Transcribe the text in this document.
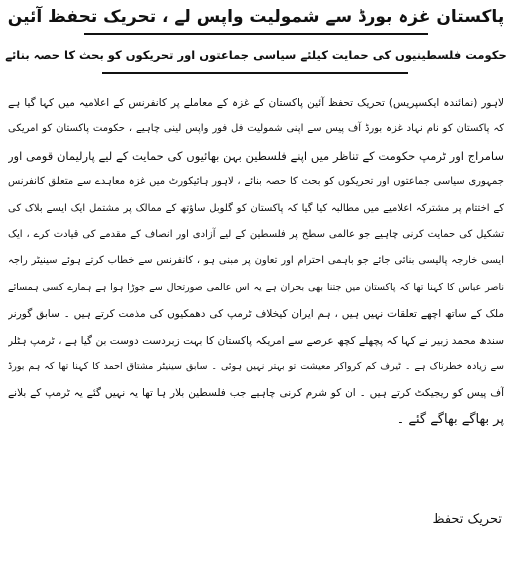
پاکستان غزہ بورڈ سے شمولیت واپس لے ، تحریک تحفظ آئین
حکومت فلسطینیوں کی حمایت کیلئے سیاسی جماعتوں اور تحریکوں کو بحث کا حصہ بنائے
لاہور (نمائندہ ایکسپریس) تحریک تحفظ آئین پاکستان کے غزہ کے معاملے پر کانفرنس کے اعلامیہ میں کہا گیا ہے
کہ پاکستان کو نام نہاد غزہ بورڈ آف پیس سے اپنی شمولیت فل فور واپس لینی چاہیے ، حکومت پاکستان کو امریکی
سامراج اور ٹرمپ حکومت کے تناظر میں اپنے فلسطین بہن بھائیوں کی حمایت کے لیے پارلیمان قومی اور
جمہوری سیاسی جماعتوں اور تحریکوں کو بحث کا حصہ بنائے ، لاہور ہائیکورٹ میں غزہ معاہدے سے متعلق کانفرنس
کے اختتام پر مشترکہ اعلامیے میں مطالبہ کیا گیا کہ پاکستان کو گلوبل ساؤتھ کے ممالک پر مشتمل ایک ایسے بلاک کی
تشکیل کی حمایت کرنی چاہیے جو عالمی سطح پر فلسطین کے لیے آزادی اور انصاف کے مقدمے کی قیادت کرے ، ایک
ایسی خارجہ پالیسی بنائی جائے جو باہمی احترام اور تعاون پر مبنی ہو ، کانفرنس سے خطاب کرتے ہوئے سینیٹر راجہ
ناصر عباس کا کہنا تھا کہ پاکستان میں جتنا بھی بحران ہے یہ اس عالمی صورتحال سے جوڑا ہوا ہے ہمارے کسی ہمسائے
ملک کے ساتھ اچھے تعلقات نہیں ہیں ، ہم ایران کیخلاف ٹرمپ کی دھمکیوں کی مذمت کرتے ہیں ۔ سابق گورنر
سندھ محمد زبیر نے کہا کہ پچھلے کچھ عرصے سے امریکہ پاکستان کا بہت زبردست دوست بن گیا ہے ، ٹرمپ ہٹلر
سے زیادہ خطرناک ہے ۔ ٹیرف کم کرواکر معیشت تو بہتر نہیں ہوئی ۔ سابق سینیٹر مشتاق احمد کا کہنا تھا کہ ہم بورڈ
آف پیس کو ریجیکٹ کرتے ہیں ۔ ان کو شرم کرنی چاہیے جب فلسطین بلار ہا تھا یہ نہیں گئے یہ ٹرمپ کے بلانے
پر بھاگے بھاگے گئے ۔
تحریک تحفظ
